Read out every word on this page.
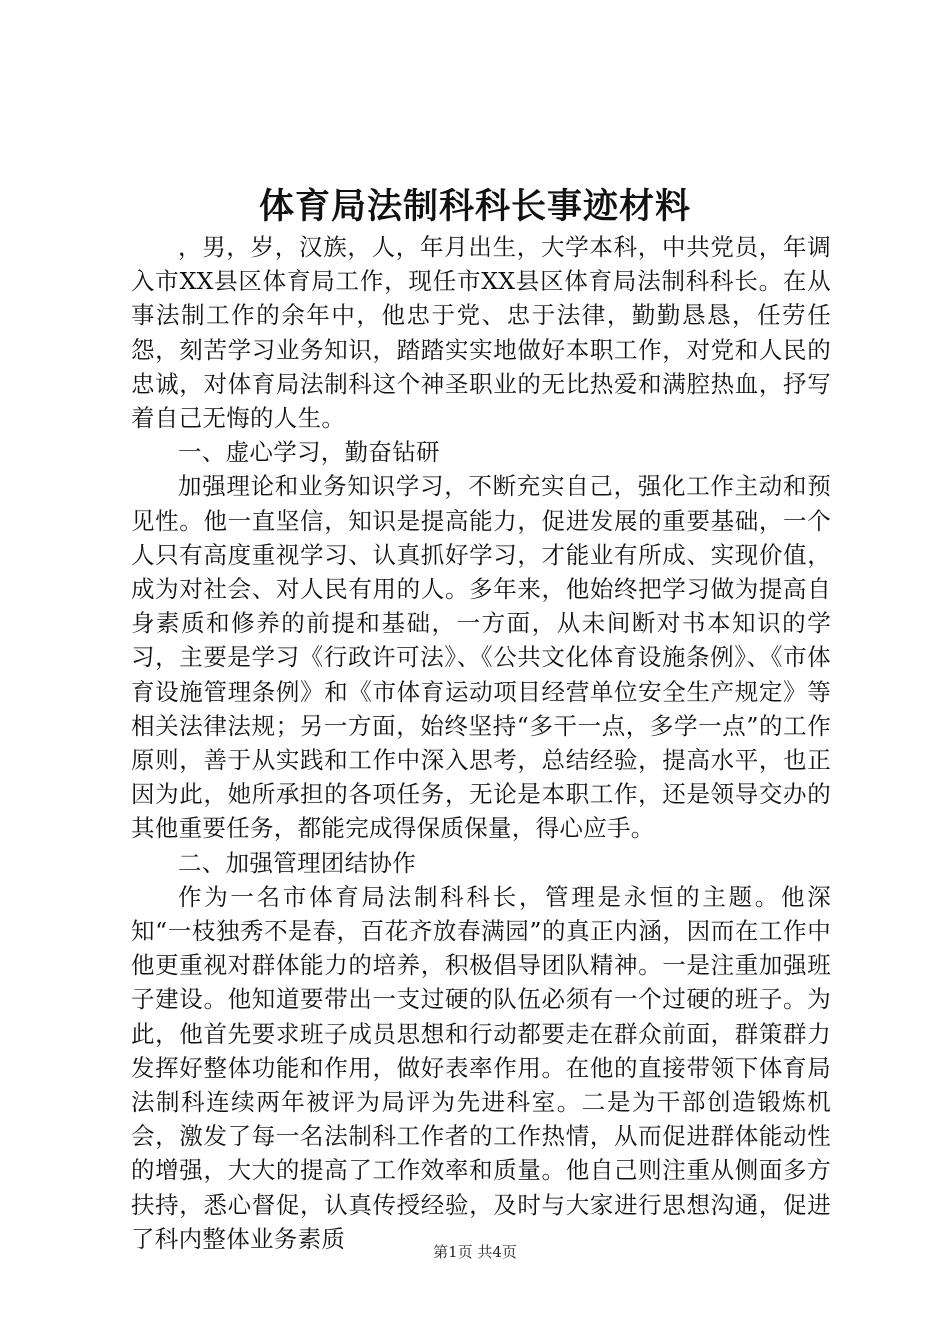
体育局法制科科长事迹材料

，男，岁，汉族，人，年月出生，大学本科，中共党员，年调入市XX县区体育局工作，现任市XX县区体育局法制科科长。在从事法制工作的余年中，他忠于党、忠于法律，勤勤恳恳，任劳任怨，刻苦学习业务知识，踏踏实实地做好本职工作，对党和人民的忠诚，对体育局法制科这个神圣职业的无比热爱和满腔热血，抒写着自己无悔的人生。

一、虚心学习，勤奋钻研

加强理论和业务知识学习，不断充实自己，强化工作主动和预见性。他一直坚信，知识是提高能力，促进发展的重要基础，一个人只有高度重视学习、认真抓好学习，才能业有所成、实现价值，成为对社会、对人民有用的人。多年来，他始终把学习做为提高自身素质和修养的前提和基础，一方面，从未间断对书本知识的学习，主要是学习《行政许可法》、《公共文化体育设施条例》、《市体育设施管理条例》和《市体育运动项目经营单位安全生产规定》等相关法律法规；另一方面，始终坚持“多干一点，多学一点”的工作原则，善于从实践和工作中深入思考，总结经验，提高水平，也正因为此，她所承担的各项任务，无论是本职工作，还是领导交办的其他重要任务，都能完成得保质保量，得心应手。

二、加强管理团结协作

作为一名市体育局法制科科长，管理是永恒的主题。他深知“一枝独秀不是春，百花齐放春满园”的真正内涵，因而在工作中他更重视对群体能力的培养，积极倡导团队精神。一是注重加强班子建设。他知道要带出一支过硬的队伍必须有一个过硬的班子。为此，他首先要求班子成员思想和行动都要走在群众前面，群策群力发挥好整体功能和作用，做好表率作用。在他的直接带领下体育局法制科连续两年被评为局评为先进科室。二是为干部创造锻炼机会，激发了每一名法制科工作者的工作热情，从而促进群体能动性的增强，大大的提高了工作效率和质量。他自己则注重从侧面多方扶持，悉心督促，认真传授经验，及时与大家进行思想沟通，促进了科内整体业务素质	第1页 共4页
